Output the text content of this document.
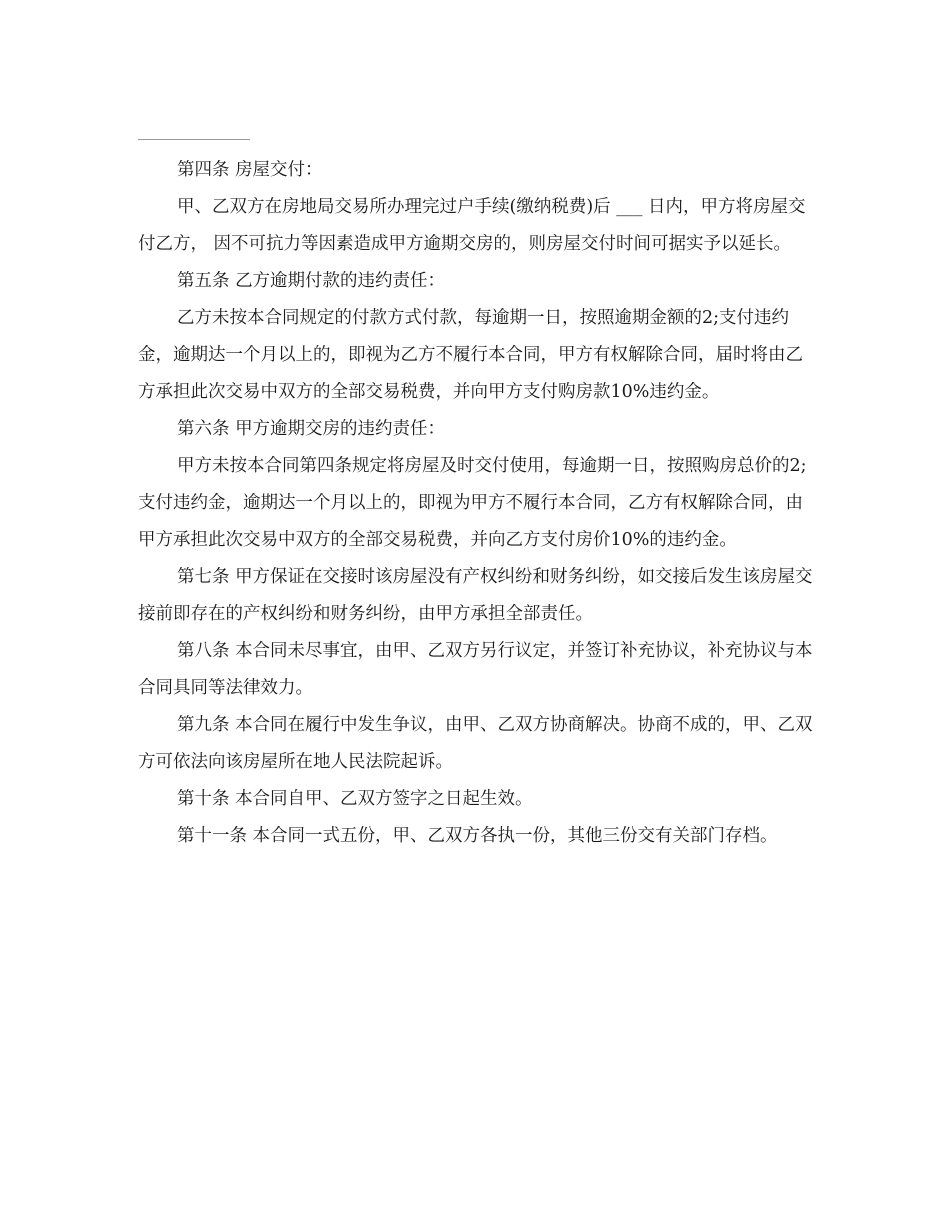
第四条 房屋交付：

甲、乙双方在房地局交易所办理完过户手续(缴纳税费)后 ___ 日内，甲方将房屋交付乙方， 因不可抗力等因素造成甲方逾期交房的，则房屋交付时间可据实予以延长。

第五条 乙方逾期付款的违约责任：

乙方未按本合同规定的付款方式付款，每逾期一日，按照逾期金额的2;支付违约金，逾期达一个月以上的，即视为乙方不履行本合同，甲方有权解除合同，届时将由乙方承担此次交易中双方的全部交易税费，并向甲方支付购房款10%违约金。

第六条 甲方逾期交房的违约责任：

甲方未按本合同第四条规定将房屋及时交付使用，每逾期一日，按照购房总价的2;支付违约金，逾期达一个月以上的，即视为甲方不履行本合同，乙方有权解除合同，由甲方承担此次交易中双方的全部交易税费，并向乙方支付房价10%的违约金。

第七条 甲方保证在交接时该房屋没有产权纠纷和财务纠纷，如交接后发生该房屋交接前即存在的产权纠纷和财务纠纷，由甲方承担全部责任。

第八条 本合同未尽事宜，由甲、乙双方另行议定，并签订补充协议，补充协议与本合同具同等法律效力。

第九条 本合同在履行中发生争议，由甲、乙双方协商解决。协商不成的，甲、乙双方可依法向该房屋所在地人民法院起诉。

第十条 本合同自甲、乙双方签字之日起生效。

第十一条 本合同一式五份，甲、乙双方各执一份，其他三份交有关部门存档。
